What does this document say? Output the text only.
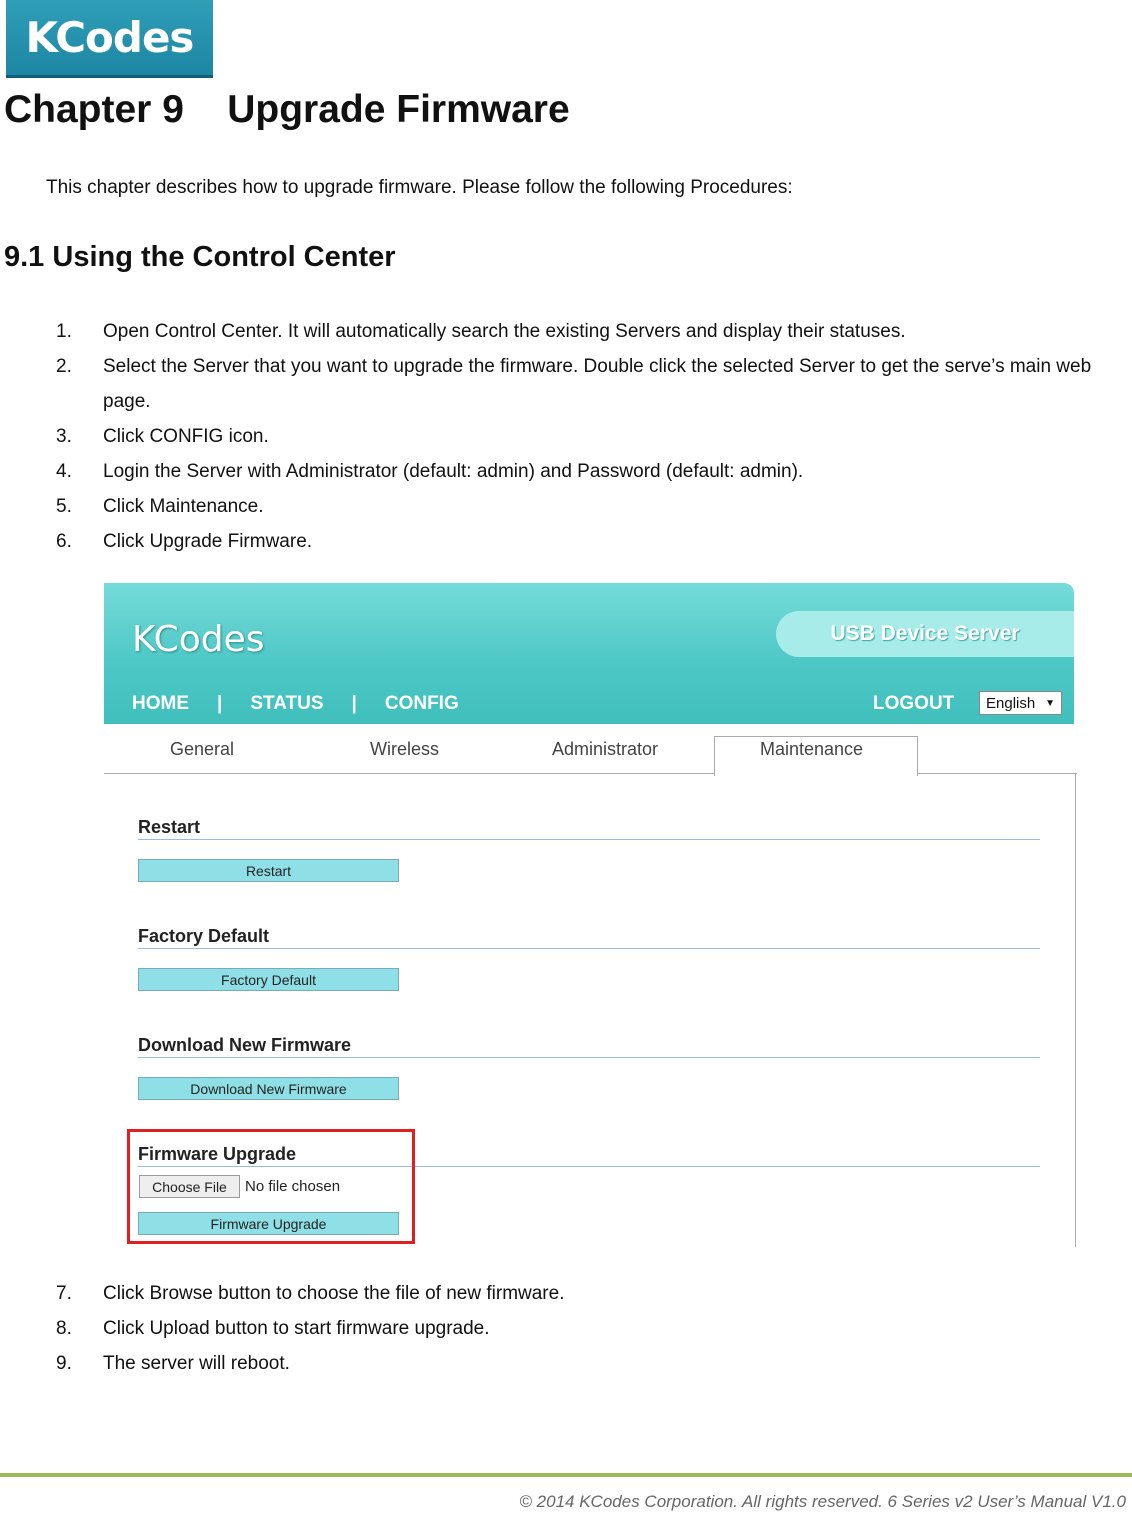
KCodes
Chapter 9    Upgrade Firmware
This chapter describes how to upgrade firmware. Please follow the following Procedures:
9.1 Using the Control Center
1.	Open Control Center. It will automatically search the existing Servers and display their statuses.
2.	Select the Server that you want to upgrade the firmware. Double click the selected Server to get the serve’s main web page.
3.	Click CONFIG icon.
4.	Login the Server with Administrator (default: admin) and Password (default: admin).
5.	Click Maintenance.
6.	Click Upgrade Firmware.
KCodes	USB Device Server
HOME | STATUS | CONFIG	LOGOUT English ▼
General	Wireless	Administrator	Maintenance
Restart
Restart
Factory Default
Factory Default
Download New Firmware
Download New Firmware
Firmware Upgrade
Choose File	No file chosen
Firmware Upgrade
7.	Click Browse button to choose the file of new firmware.
8.	Click Upload button to start firmware upgrade.
9.	The server will reboot.
© 2014 KCodes Corporation. All rights reserved. 6 Series v2 User’s Manual V1.0
